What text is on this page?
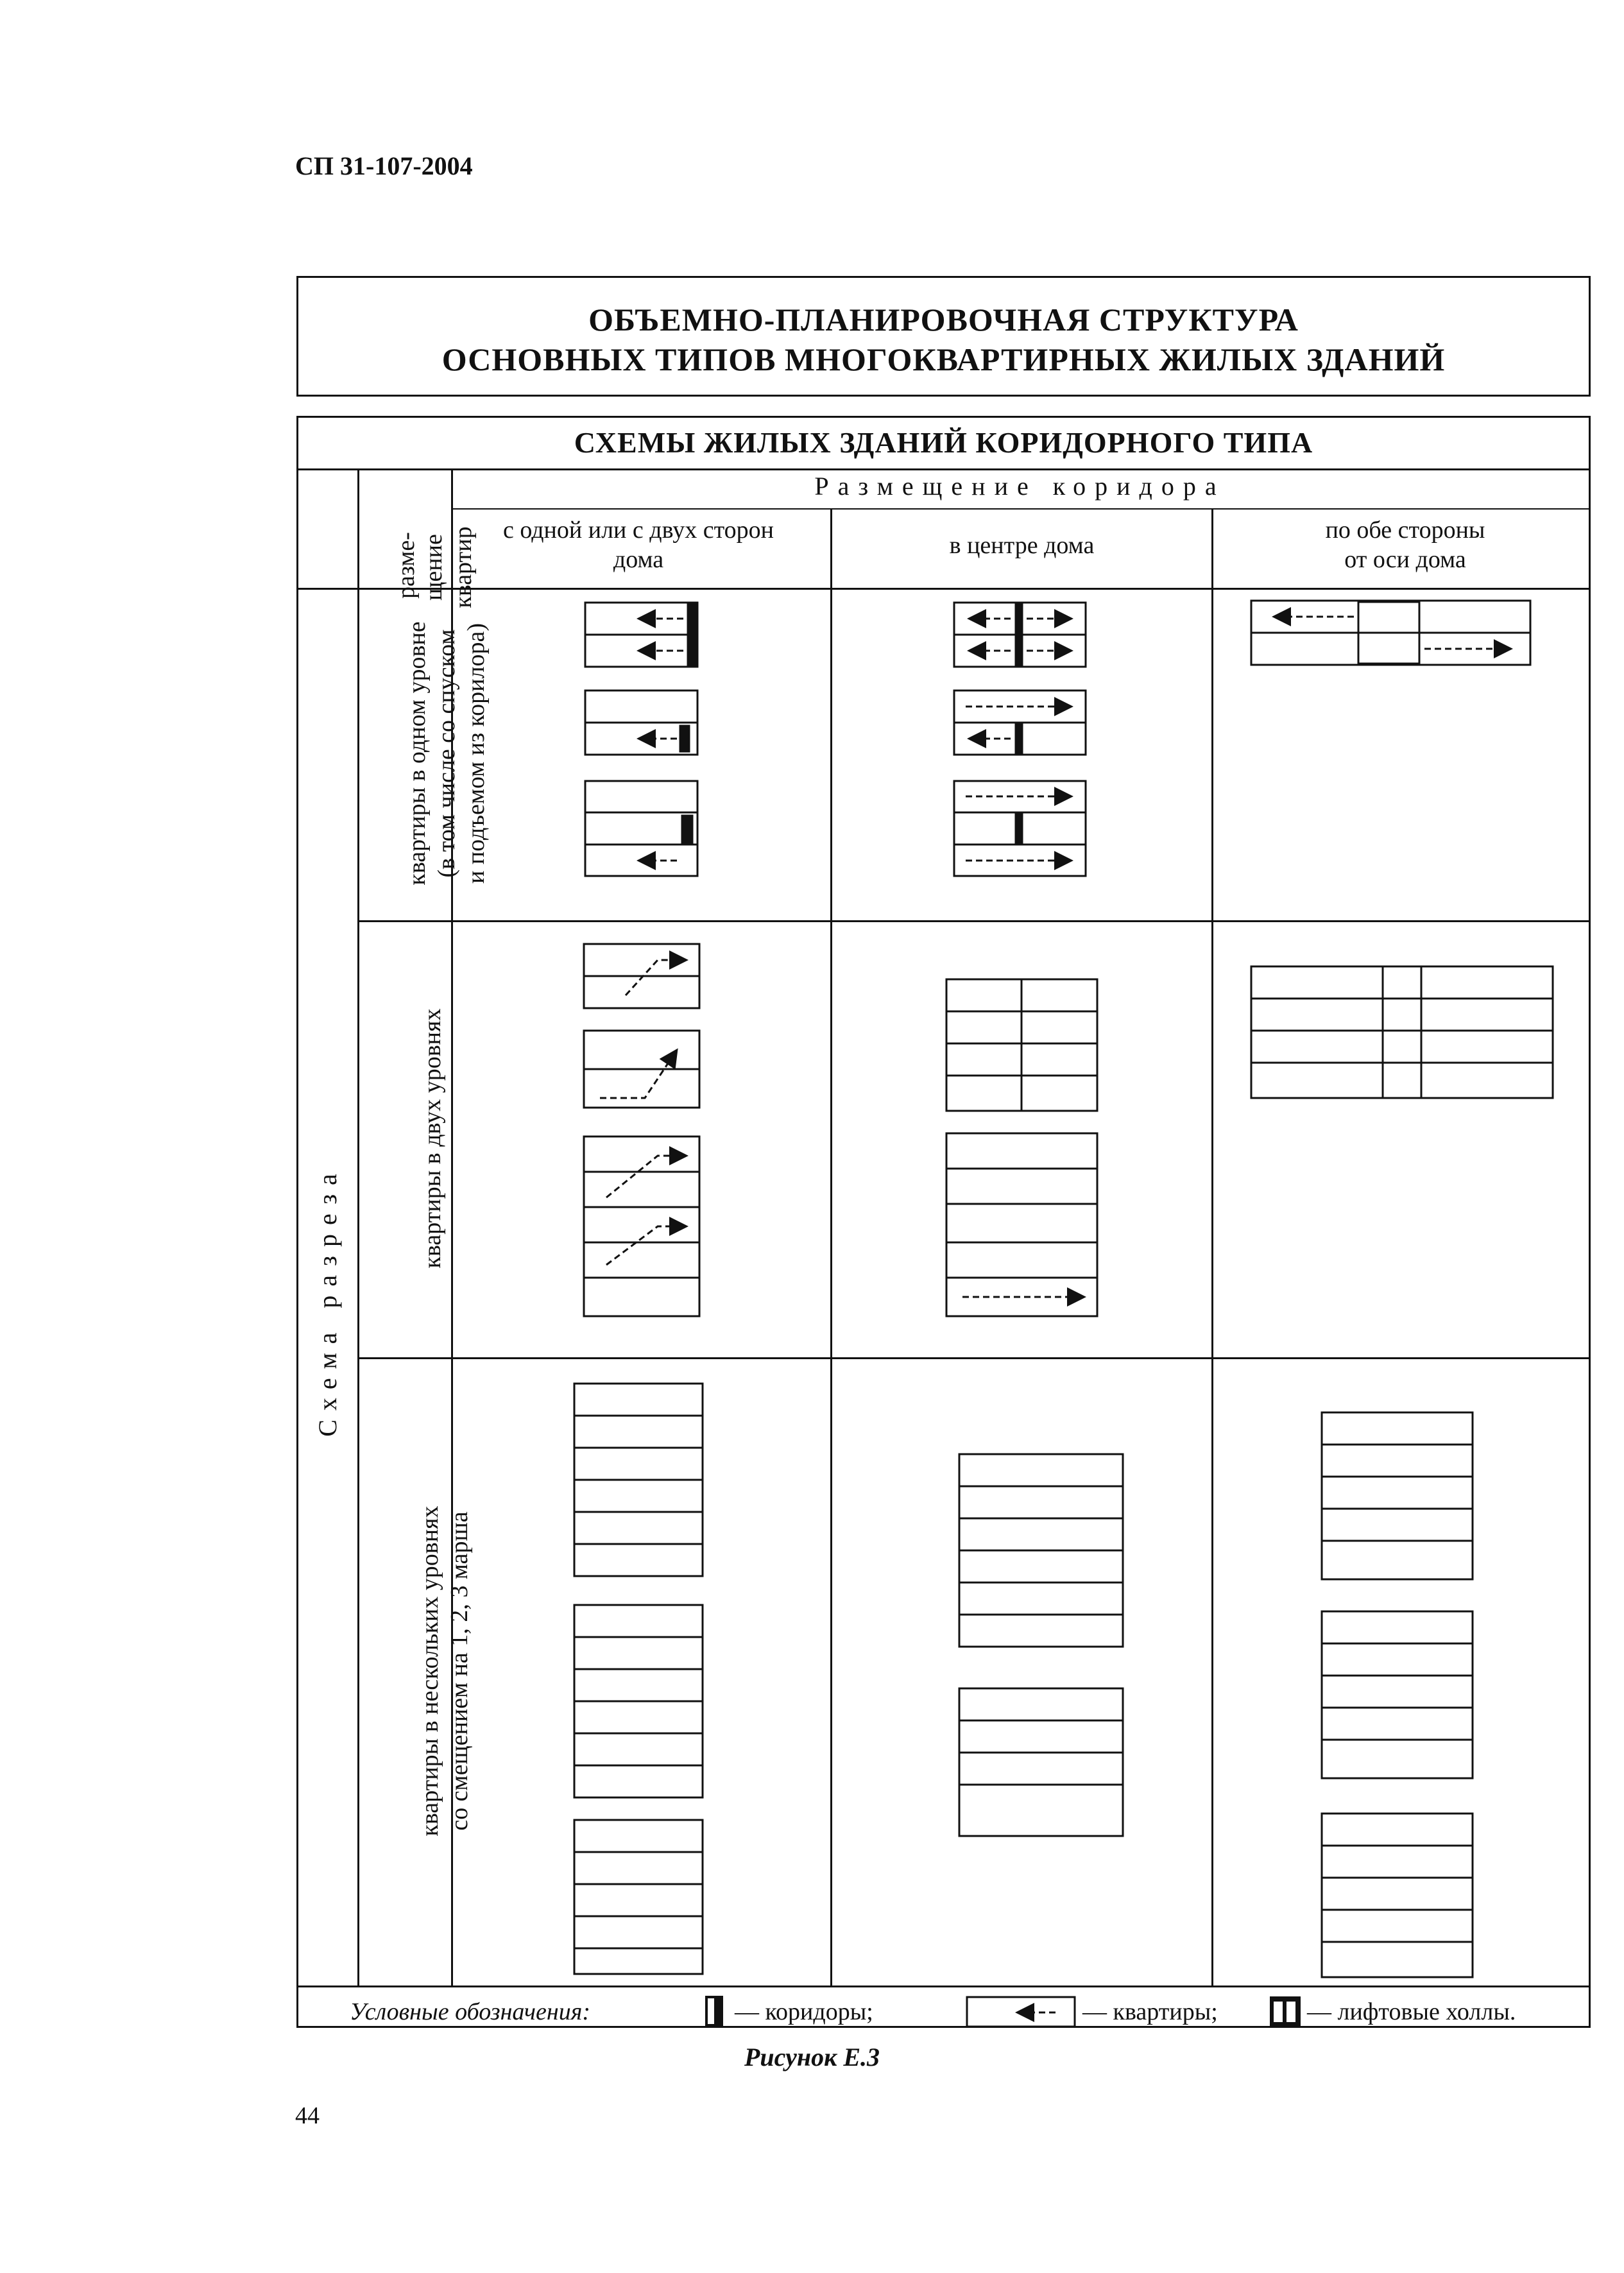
СП 31-107-2004
ОБЪЕМНО-ПЛАНИРОВОЧНАЯ СТРУКТУРА
ОСНОВНЫХ ТИПОВ МНОГОКВАРТИРНЫХ ЖИЛЫХ ЗДАНИЙ
СХЕМЫ ЖИЛЫХ ЗДАНИЙ КОРИДОРНОГО ТИПА
Размещение коридора
с одной или с двух сторон дома
в центре дома
по обе стороны от оси дома
разме- щение квартир
Схема разреза
квартиры в одном уровне (в том числе со спуском и подъемом из корилора)
квартиры в двух уровнях
квартиры в нескольких уровнях со смещением на 1, 2, 3 марша
Условные обозначения:	— коридоры;	— квартиры;	— лифтовые холлы.
Рисунок Е.3
44
